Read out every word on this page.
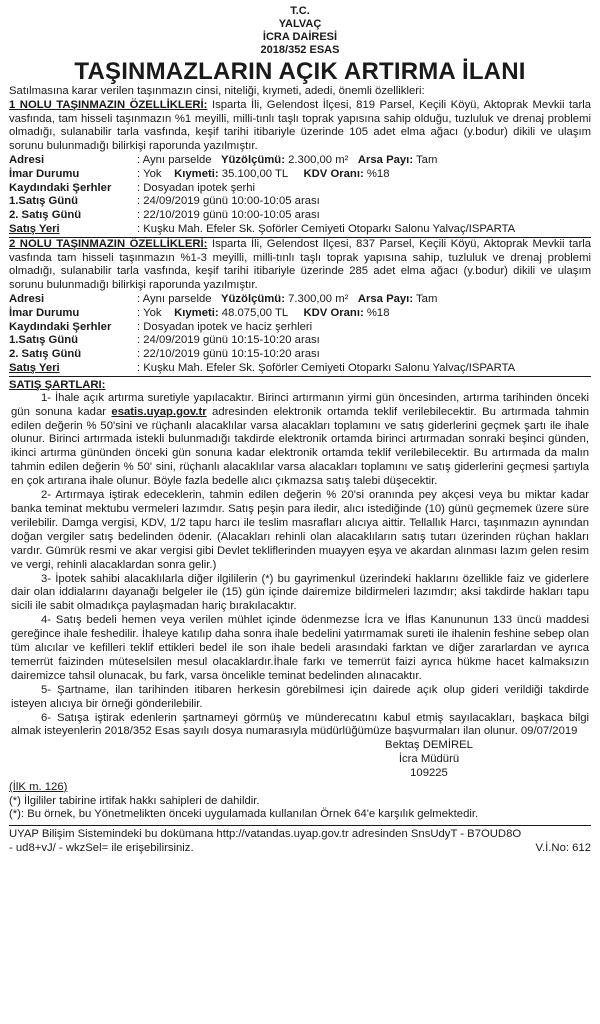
T.C.
YALVAÇ
İCRA DAİRESİ
2018/352 ESAS
TAŞINMAZLARIN AÇIK ARTIRMA İLANI
Satılmasına karar verilen taşınmazın cinsi, niteliği, kıymeti, adedi, önemli özellikleri:
1 NOLU TAŞINMAZIN ÖZELLİKLERİ: Isparta İli, Gelendost İlçesi, 819 Parsel, Keçili Köyü, Aktoprak Mevkii tarla vasfında, tam hisseli taşınmazın %1 meyilli, milli-tınlı taşlı toprak yapısına sahip olduğu, tuzluluk ve drenaj problemi olmadığı, sulanabilir tarla vasfında, keşif tarihi itibariyle üzerinde 105 adet elma ağacı (y.bodur) dikili ve ulaşım sorunu bulunmadığı bilirkişi raporunda yazılmıştır.
Adresi	: Aynı parselde Yüzölçümü: 2.300,00 m² Arsa Payı: Tam
İmar Durumu	: Yok Kıymeti: 35.100,00 TL KDV Oranı: %18
Kaydındaki Şerhler	: Dosyadan ipotek şerhi
1.Satış Günü	: 24/09/2019 günü 10:00-10:05 arası
2. Satış Günü	: 22/10/2019 günü 10:00-10:05 arası
Satış Yeri	: Kuşku Mah. Efeler Sk. Şoförler Cemiyeti Otoparkı Salonu Yalvaç/ISPARTA
2 NOLU TAŞINMAZIN ÖZELLİKLERİ: Isparta İli, Gelendost İlçesi, 837 Parsel, Keçili Köyü, Aktoprak Mevkii tarla vasfında tam hisseli taşınmazın %1-3 meyilli, milli-tınlı taşlı toprak yapısına sahip, tuzluluk ve drenaj problemi olmadığı, sulanabilir tarla vasfında, keşif tarihi itibariyle üzerinde 285 adet elma ağacı (y.bodur) dikili ve ulaşım sorunu bulunmadığı bilirkişi raporunda yazılmıştır.
Adresi	: Aynı parselde Yüzölçümü: 7.300,00 m² Arsa Payı: Tam
İmar Durumu	: Yok Kıymeti: 48.075,00 TL KDV Oranı: %18
Kaydındaki Şerhler	: Dosyadan ipotek ve haciz şerhleri
1.Satış Günü	: 24/09/2019 günü 10:15-10:20 arası
2. Satış Günü	: 22/10/2019 günü 10:15-10:20 arası
Satış Yeri	: Kuşku Mah. Efeler Sk. Şoförler Cemiyeti Otoparkı Salonu Yalvaç/ISPARTA
SATIŞ ŞARTLARI:
1- İhale açık artırma suretiyle yapılacaktır. Birinci artırmanın yirmi gün öncesinden, artırma tarihinden önceki gün sonuna kadar esatis.uyap.gov.tr adresinden elektronik ortamda teklif verilebilecektir. Bu artırmada tahmin edilen değerin % 50'sini ve rüçhanlı alacaklılar varsa alacakları toplamını ve satış giderlerini geçmek şartı ile ihale olunur. Birinci artırmada istekli bulunmadığı takdirde elektronik ortamda birinci artırmadan sonraki beşinci günden, ikinci artırma gününden önceki gün sonuna kadar elektronik ortamda teklif verilebilecektir. Bu artırmada da malın tahmin edilen değerin % 50' sini, rüçhanlı alacaklılar varsa alacakları toplamını ve satış giderlerini geçmesi şartıyla en çok artırana ihale olunur. Böyle fazla bedelle alıcı çıkmazsa satış talebi düşecektir.
2- Artırmaya iştirak edeceklerin, tahmin edilen değerin % 20'si oranında pey akçesi veya bu miktar kadar banka teminat mektubu vermeleri lazımdır. Satış peşin para iledir, alıcı istediğinde (10) günü geçmemek üzere süre verilebilir. Damga vergisi, KDV, 1/2 tapu harcı ile teslim masrafları alıcıya aittir. Tellallık Harcı, taşınmazın aynından doğan vergiler satış bedelinden ödenir. (Alacakları rehinli olan alacaklıların satış tutarı üzerinden rüçhan hakları vardır. Gümrük resmi ve akar vergisi gibi Devlet tekliflerinden muayyen eşya ve akardan alınması lazım gelen resim ve vergi, rehinli alacaklardan sonra gelir.)
3- İpotek sahibi alacaklılarla diğer ilgililerin (*) bu gayrimenkul üzerindeki haklarını özellikle faiz ve giderlere dair olan iddialarını dayanağı belgeler ile (15) gün içinde dairemize bildirmeleri lazımdır; aksi takdirde hakları tapu sicili ile sabit olmadıkça paylaşmadan hariç bırakılacaktır.
4- Satış bedeli hemen veya verilen mühlet içinde ödenmezse İcra ve İflas Kanununun 133 üncü maddesi gereğince ihale feshedilir. İhaleye katılıp daha sonra ihale bedelini yatırmamak sureti ile ihalenin feshine sebep olan tüm alıcılar ve kefilleri teklif ettikleri bedel ile son ihale bedeli arasındaki farktan ve diğer zararlardan ve ayrıca temerrüt faizinden müteselsilen mesul olacaklardır.İhale farkı ve temerrüt faizi ayrıca hükme hacet kalmaksızın dairemizce tahsil olunacak, bu fark, varsa öncelikle teminat bedelinden alınacaktır.
5- Şartname, ilan tarihinden itibaren herkesin görebilmesi için dairede açık olup gideri verildiği takdirde isteyen alıcıya bir örneği gönderilebilir.
6- Satışa iştirak edenlerin şartnameyi görmüş ve münderecatını kabul etmiş sayılacakları, başkaca bilgi almak isteyenlerin 2018/352 Esas sayılı dosya numarasıyla müdürlüğümüze başvurmaları ilan olunur. 09/07/2019
Bektaş DEMİREL
İcra Müdürü
109225
(İlK m. 126)
(*) İlgililer tabirine irtifak hakkı sahipleri de dahildir.
(*): Bu örnek, bu Yönetmelikten önceki uygulamada kullanılan Örnek 64'e karşılık gelmektedir.
UYAP Bilişim Sistemindeki bu dokümana http://vatandas.uyap.gov.tr adresinden SnsUdyT - B7OUD8O
- ud8+vJ/ - wkzSel= ile erişebilirsiniz.	V.İ.No: 612
